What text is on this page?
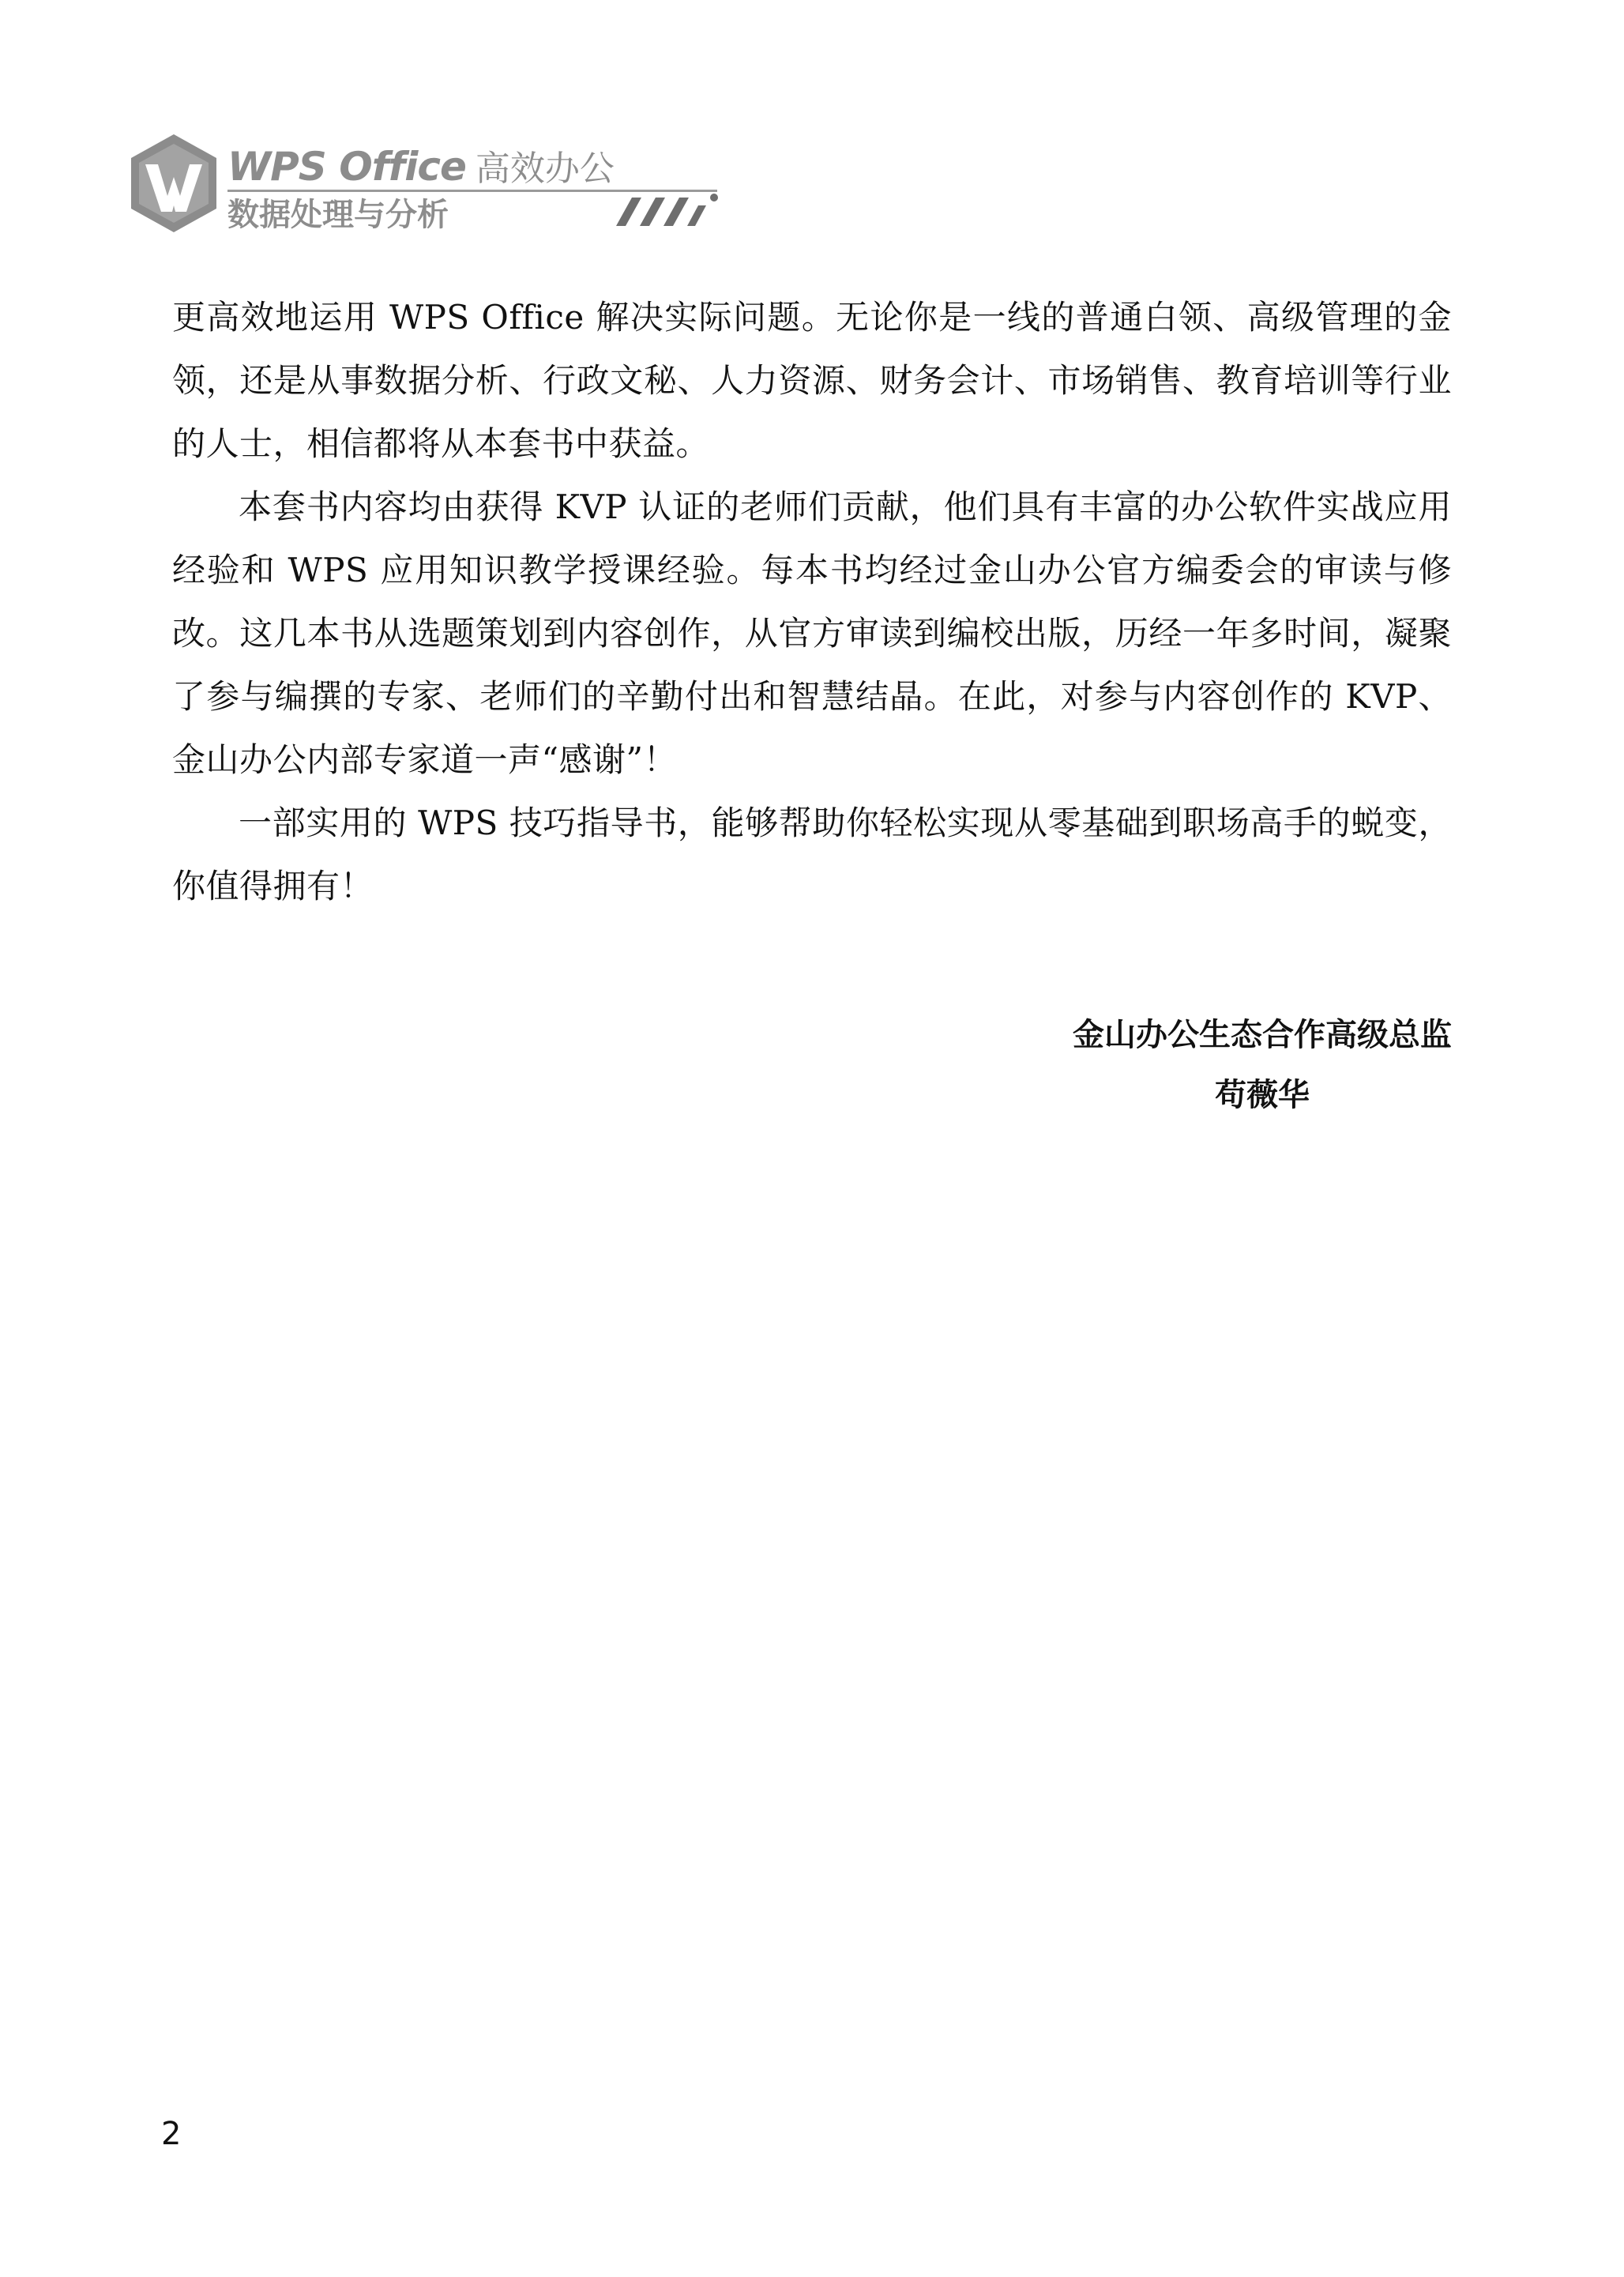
WPS Office 高效办公
数据处理与分析

更高效地运用 WPS Office 解决实际问题。无论你是一线的普通白领、高级管理的金领，还是从事数据分析、行政文秘、人力资源、财务会计、市场销售、教育培训等行业的人士，相信都将从本套书中获益。

本套书内容均由获得 KVP 认证的老师们贡献，他们具有丰富的办公软件实战应用经验和 WPS 应用知识教学授课经验。每本书均经过金山办公官方编委会的审读与修改。这几本书从选题策划到内容创作，从官方审读到编校出版，历经一年多时间，凝聚了参与编撰的专家、老师们的辛勤付出和智慧结晶。在此，对参与内容创作的 KVP、金山办公内部专家道一声“感谢”！

一部实用的 WPS 技巧指导书，能够帮助你轻松实现从零基础到职场高手的蜕变，你值得拥有！

金山办公生态合作高级总监
苟薇华
2
